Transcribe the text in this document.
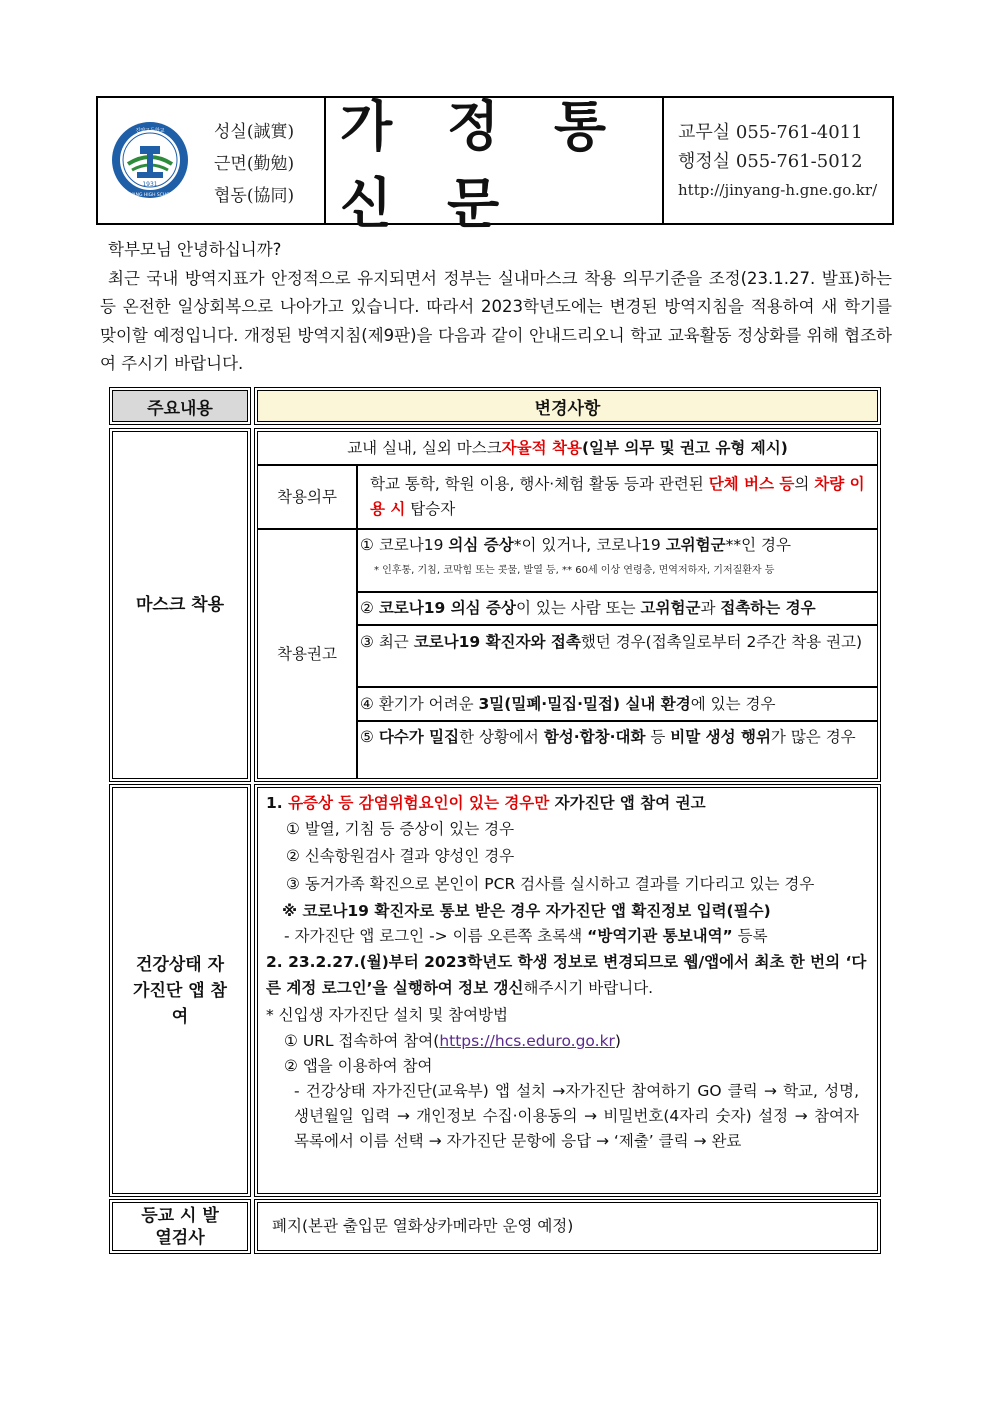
1931
진양고등학교
JINYANG HIGH SCHOOL
성실(誠實)
근면(勤勉)
협동(協同)
가 정 통 신 문
교무실 055-761-4011
행정실 055-761-5012
http://jinyang-h.gne.go.kr/

학부모님 안녕하십니까?

최근 국내 방역지표가 안정적으로 유지되면서 정부는 실내마스크 착용 의무기준을 조정(23.1.27. 발표)하는 등 온전한 일상회복으로 나아가고 있습니다. 따라서 2023학년도에는 변경된 방역지침을 적용하여 새 학기를 맞이할 예정입니다. 개정된 방역지침(제9판)을 다음과 같이 안내드리오니 학교 교육활동 정상화를 위해 협조하여 주시기 바랍니다.

주요내용	변경사항
마스크 착용
교내 실내, 실외 마스크 자율적 착용 (일부 의무 및 권고 유형 제시)
착용의무
학교 통학, 학원 이용, 행사·체험 활동 등과 관련된 단체 버스 등의 차량 이용 시 탑승자
착용권고
① 코로나19 의심 증상*이 있거나, 코로나19 고위험군**인 경우
* 인후통, 기침, 코막힘 또는 콧물, 발열 등, ** 60세 이상 연령층, 면역저하자, 기저질환자 등
② 코로나19 의심 증상이 있는 사람 또는 고위험군과 접촉하는 경우
③ 최근 코로나19 확진자와 접촉했던 경우(접촉일로부터 2주간 착용 권고)
④ 환기가 어려운 3밀(밀폐·밀집·밀접) 실내 환경에 있는 경우
⑤ 다수가 밀집한 상황에서 함성·합창·대화 등 비말 생성 행위가 많은 경우
건강상태 자가진단 앱 참여
1. 유증상 등 감염위험요인이 있는 경우만 자가진단 앱 참여 권고
① 발열, 기침 등 증상이 있는 경우
② 신속항원검사 결과 양성인 경우
③ 동거가족 확진으로 본인이 PCR 검사를 실시하고 결과를 기다리고 있는 경우
※ 코로나19 확진자로 통보 받은 경우 자가진단 앱 확진정보 입력(필수)
- 자가진단 앱 로그인 -> 이름 오른쪽 초록색 “방역기관 통보내역” 등록
2. 23.2.27.(월)부터 2023학년도 학생 정보로 변경되므로 웹/앱에서 최초 한 번의 ‘다른 계정 로그인’을 실행하여 정보 갱신해주시기 바랍니다.
* 신입생 자가진단 설치 및 참여방법
① URL 접속하여 참여(https://hcs.eduro.go.kr)
② 앱을 이용하여 참여
- 건강상태 자가진단(교육부) 앱 설치 →자가진단 참여하기 GO 클릭 → 학교, 성명, 생년월일 입력 → 개인정보 수집·이용동의 → 비밀번호(4자리 숫자) 설정 → 참여자 목록에서 이름 선택 → 자가진단 문항에 응답 → ‘제출’ 클릭 → 완료
등교 시 발열검사
폐지(본관 출입문 열화상카메라만 운영 예정)
